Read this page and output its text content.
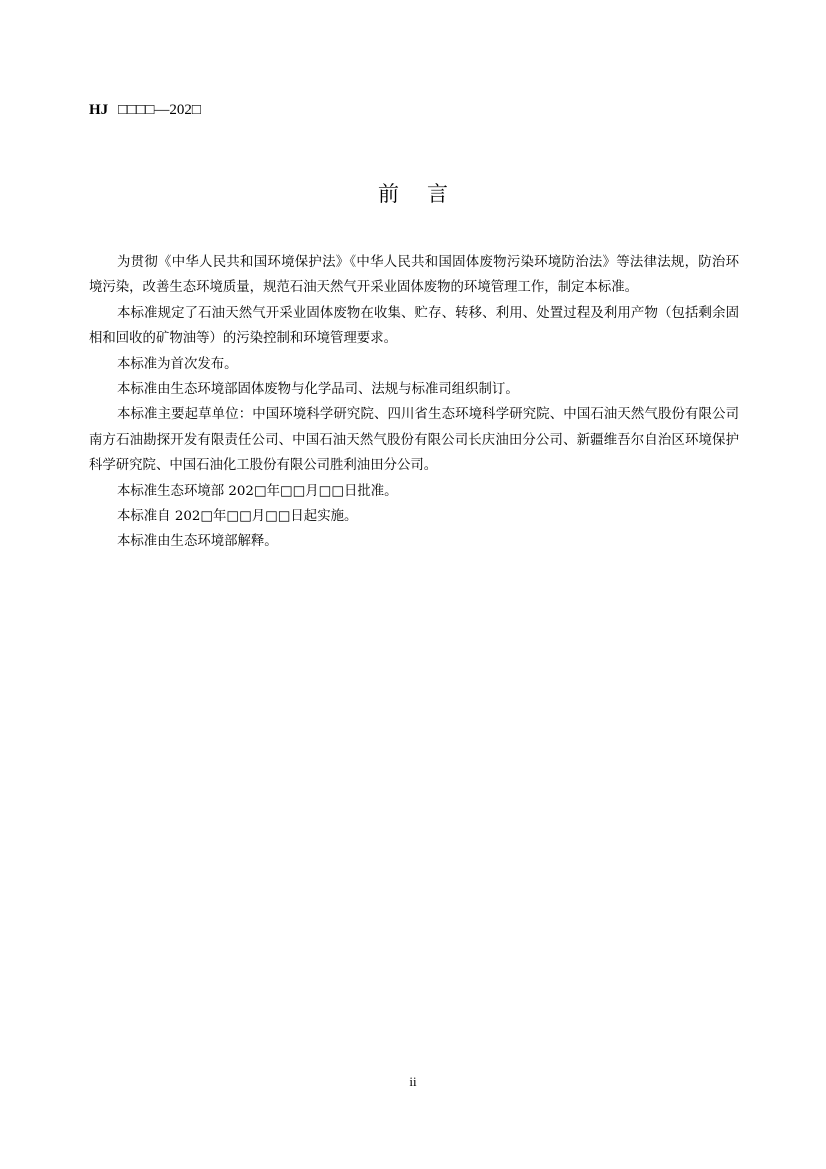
HJ □□□□—202□
前言

为贯彻《中华人民共和国环境保护法》《中华人民共和国固体废物污染环境防治法》等法律法规，防治环境污染，改善生态环境质量，规范石油天然气开采业固体废物的环境管理工作，制定本标准。

本标准规定了石油天然气开采业固体废物在收集、贮存、转移、利用、处置过程及利用产物（包括剩余固相和回收的矿物油等）的污染控制和环境管理要求。

本标准为首次发布。

本标准由生态环境部固体废物与化学品司、法规与标准司组织制订。

本标准主要起草单位：中国环境科学研究院、四川省生态环境科学研究院、中国石油天然气股份有限公司南方石油勘探开发有限责任公司、中国石油天然气股份有限公司长庆油田分公司、新疆维吾尔自治区环境保护科学研究院、中国石油化工股份有限公司胜利油田分公司。

本标准生态环境部 202□年□□月□□日批准。

本标准自 202□年□□月□□日起实施。

本标准由生态环境部解释。

ii
